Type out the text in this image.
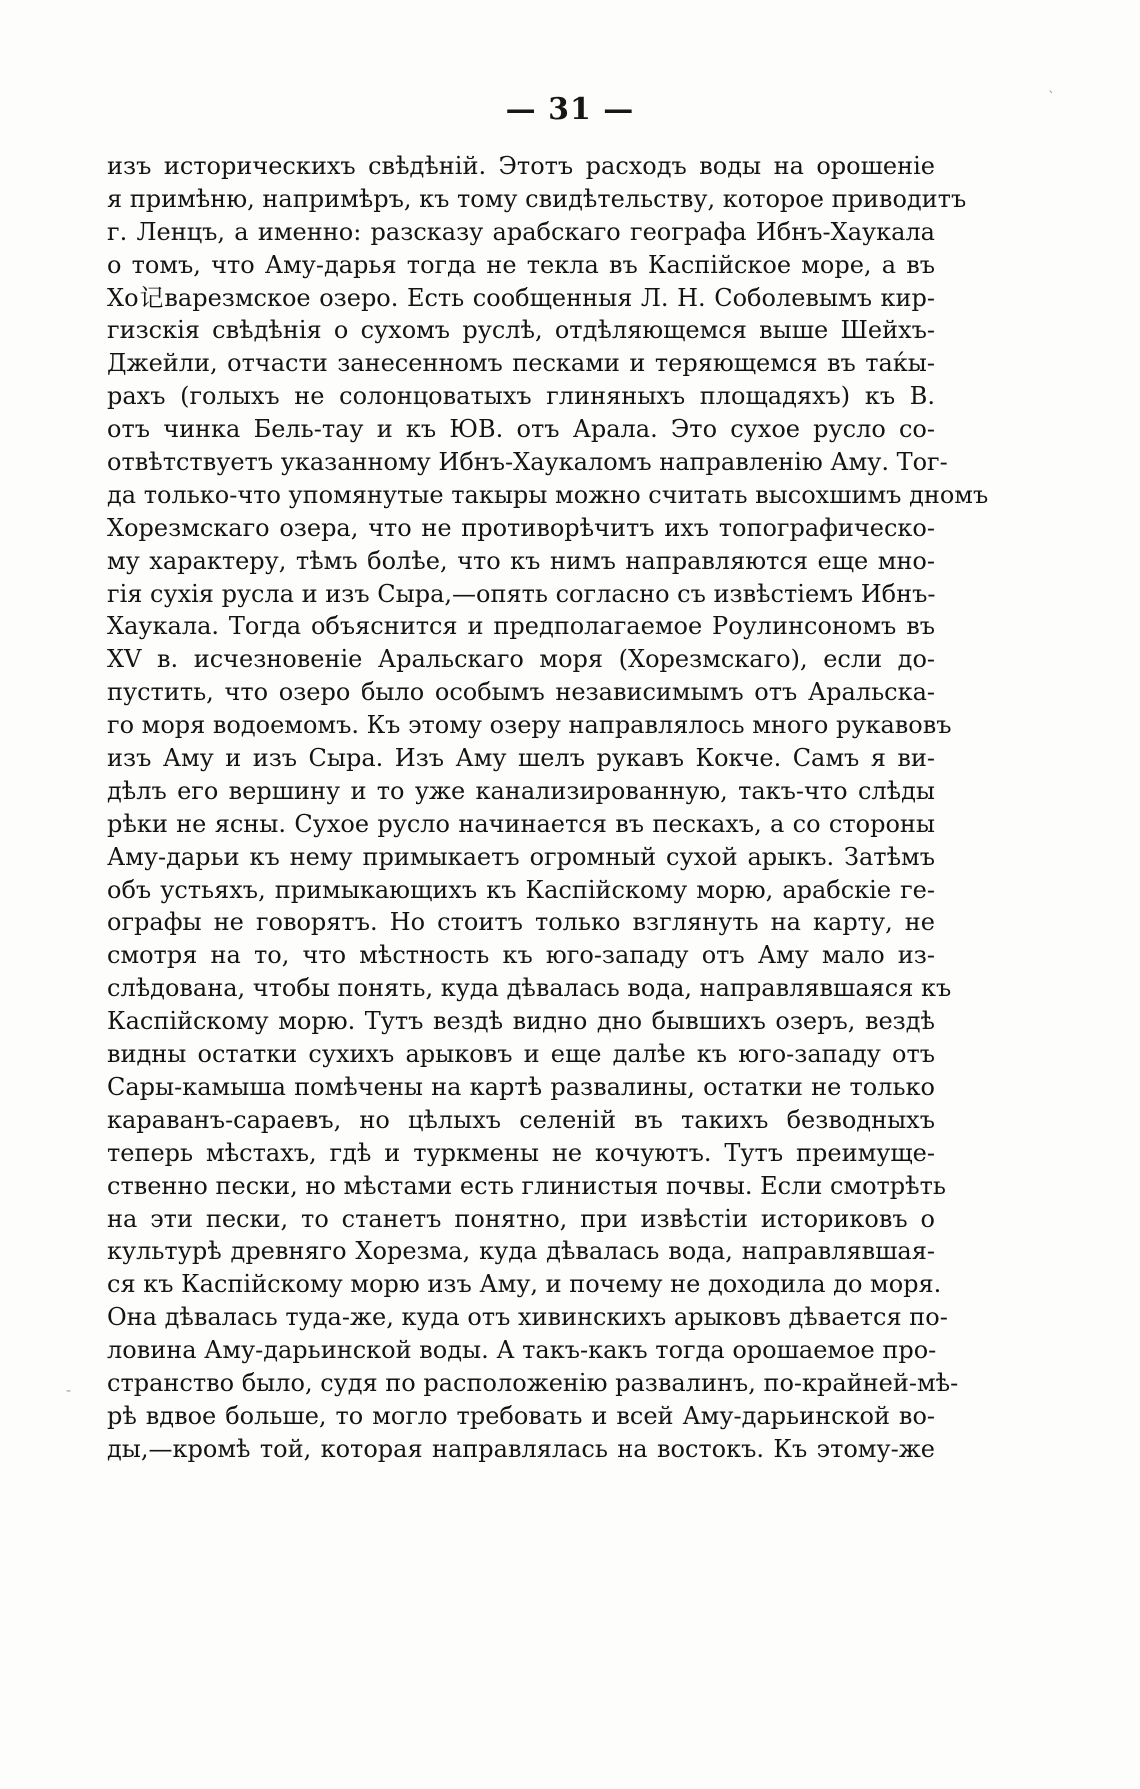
`
-
— 31 —
изъ историческихъ свѣдѣній. Этотъ расходъ воды на орошеніе
я примѣню, напримѣръ, къ тому свидѣтельству, которое приводитъ
г. Ленцъ, а именно: разсказу арабскаго географа Ибнъ-Хаукала
о томъ, что Аму-дарья тогда не текла въ Каспійское море, а въ
Хо记варезмское озеро. Есть сообщенныя Л. Н. Соболевымъ кир-
гизскія свѣдѣнія о сухомъ руслѣ, отдѣляющемся выше Шейхъ-
Джейли, отчасти занесенномъ песками и теряющемся въ таќы-
рахъ (голыхъ не солонцоватыхъ глиняныхъ площадяхъ) къ В.
отъ чинка Бель-тау и къ ЮВ. отъ Арала. Это сухое русло со-
отвѣтствуетъ указанному Ибнъ-Хаукаломъ направленію Аму. Тог-
да только-что упомянутые такыры можно считать высохшимъ дномъ
Хорезмскаго озера, что не противорѣчитъ ихъ топографическо-
му характеру, тѣмъ болѣе, что къ нимъ направляются еще мно-
гія сухія русла и изъ Сыра,—опять согласно съ извѣстіемъ Ибнъ-
Хаукала. Тогда объяснится и предполагаемое Роулинсономъ въ
XV в. исчезновеніе Аральскаго моря (Хорезмскаго), если до-
пустить, что озеро было особымъ независимымъ отъ Аральска-
го моря водоемомъ. Къ этому озеру направлялось много рукавовъ
изъ Аму и изъ Сыра. Изъ Аму шелъ рукавъ Кокче. Самъ я ви-
дѣлъ его вершину и то уже канализированную, такъ-что слѣды
рѣки не ясны. Сухое русло начинается въ пескахъ, а со стороны
Аму-дарьи къ нему примыкаетъ огромный сухой арыкъ. Затѣмъ
объ устьяхъ, примыкающихъ къ Каспійскому морю, арабскіе ге-
ографы не говорятъ. Но стоитъ только взглянуть на карту, не
смотря на то, что мѣстность къ юго-западу отъ Аму мало из-
слѣдована, чтобы понять, куда дѣвалась вода, направлявшаяся къ
Каспійскому морю. Тутъ вездѣ видно дно бывшихъ озеръ, вездѣ
видны остатки сухихъ арыковъ и еще далѣе къ юго-западу отъ
Сары-камыша помѣчены на картѣ развалины, остатки не только
караванъ-сараевъ, но цѣлыхъ селеній въ такихъ безводныхъ
теперь мѣстахъ, гдѣ и туркмены не кочуютъ. Тутъ преимуще-
ственно пески, но мѣстами есть глинистыя почвы. Если смотрѣть
на эти пески, то станетъ понятно, при извѣстіи историковъ о
культурѣ древняго Хорезма, куда дѣвалась вода, направлявшая-
ся къ Каспійскому морю изъ Аму, и почему не доходила до моря.
Она дѣвалась туда-же, куда отъ хивинскихъ арыковъ дѣвается по-
ловина Аму-дарьинской воды. А такъ-какъ тогда орошаемое про-
странство было, судя по расположенію развалинъ, по-крайней-мѣ-
рѣ вдвое больше, то могло требовать и всей Аму-дарьинской во-
ды,—кромѣ той, которая направлялась на востокъ. Къ этому-же
